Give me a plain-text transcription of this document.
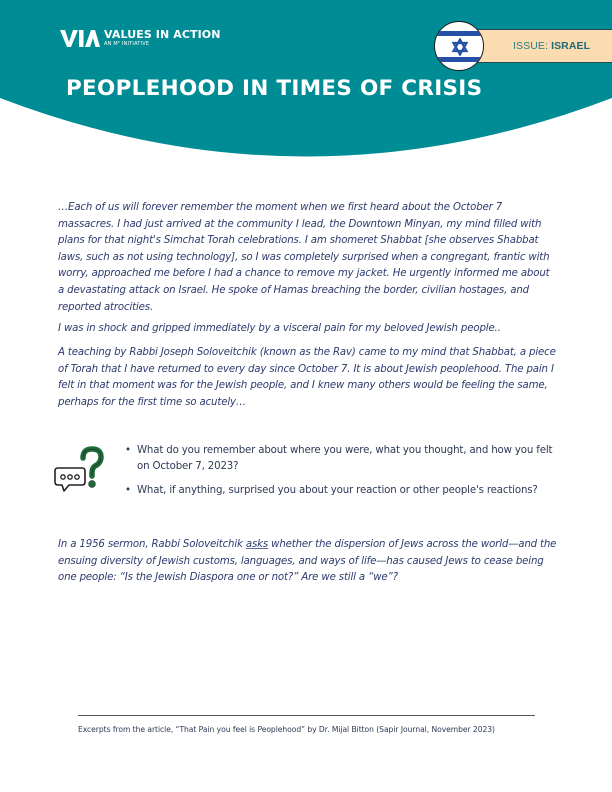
VALUES IN ACTION
AN M² INITIATIVE	ISSUE: ISRAEL
PEOPLEHOOD IN TIMES OF CRISIS

…Each of us will forever remember the moment when we first heard about the October 7 massacres. I had just arrived at the community I lead, the Downtown Minyan, my mind filled with plans for that night's Simchat Torah celebrations. I am shomeret Shabbat [she observes Shabbat laws, such as not using technology], so I was completely surprised when a congregant, frantic with worry, approached me before I had a chance to remove my jacket. He urgently informed me about a devastating attack on Israel. He spoke of Hamas breaching the border, civilian hostages, and reported atrocities.

I was in shock and gripped immediately by a visceral pain for my beloved Jewish people..

A teaching by Rabbi Joseph Soloveitchik (known as the Rav) came to my mind that Shabbat, a piece of Torah that I have returned to every day since October 7. It is about Jewish peoplehood. The pain I felt in that moment was for the Jewish people, and I knew many others would be feeling the same, perhaps for the first time so acutely…

• What do you remember about where you were, what you thought, and how you felt on October 7, 2023?
• What, if anything, surprised you about your reaction or other people's reactions?

In a 1956 sermon, Rabbi Soloveitchik asks whether the dispersion of Jews across the world—and the ensuing diversity of Jewish customs, languages, and ways of life—has caused Jews to cease being one people: “Is the Jewish Diaspora one or not?” Are we still a “we”?

Excerpts from the article, “That Pain you feel is Peoplehood” by Dr. Mijal Bitton (Sapir Journal, November 2023)
